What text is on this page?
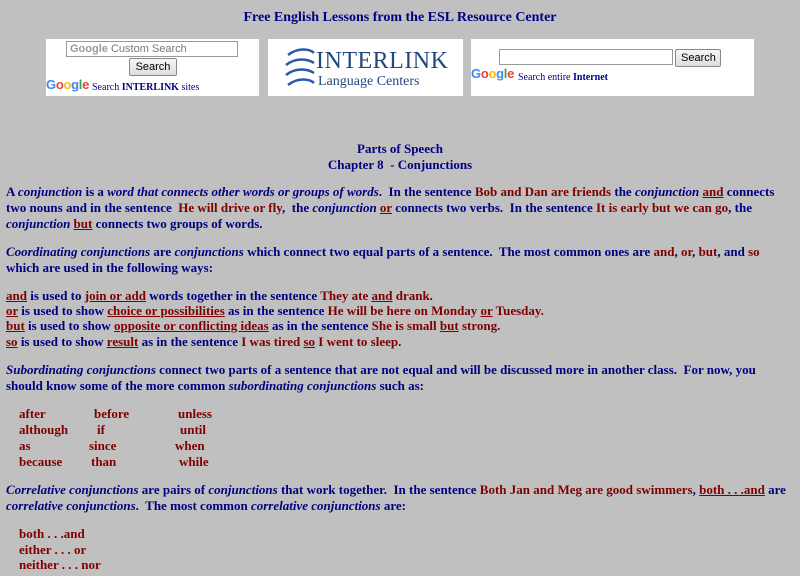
Free English Lessons from the ESL Resource Center
Google Custom Search
Search
Google Search INTERLINK sites
INTERLINK
Language Centers
Search
Google Search entire Internet
Parts of Speech
Chapter 8  - Conjunctions

A conjunction is a word that connects other words or groups of words.  In the sentence Bob and Dan are friends the conjunction and connects two nouns and in the sentence  He will drive or fly,  the conjunction or connects two verbs.  In the sentence It is early but we can go, the conjunction but connects two groups of words.

Coordinating conjunctions are conjunctions which connect two equal parts of a sentence.  The most common ones are and, or, but, and so which are used in the following ways:

and is used to join or add words together in the sentence They ate and drank.
or is used to show choice or possibilities as in the sentence He will be here on Monday or Tuesday.
but is used to show opposite or conflicting ideas as in the sentence She is small but strong.
so is used to show result as in the sentence I was tired so I went to sleep.

Subordinating conjunctions connect two parts of a sentence that are not equal and will be discussed more in another class.  For now, you should know some of the more common subordinating conjunctions such as:

after	before	unless
although if	until
as	since	when
because than	while

Correlative conjunctions are pairs of conjunctions that work together.  In the sentence Both Jan and Meg are good swimmers, both . . .and are correlative conjunctions.  The most common correlative conjunctions are:

both . . .and
either . . . or
neither . . . nor
